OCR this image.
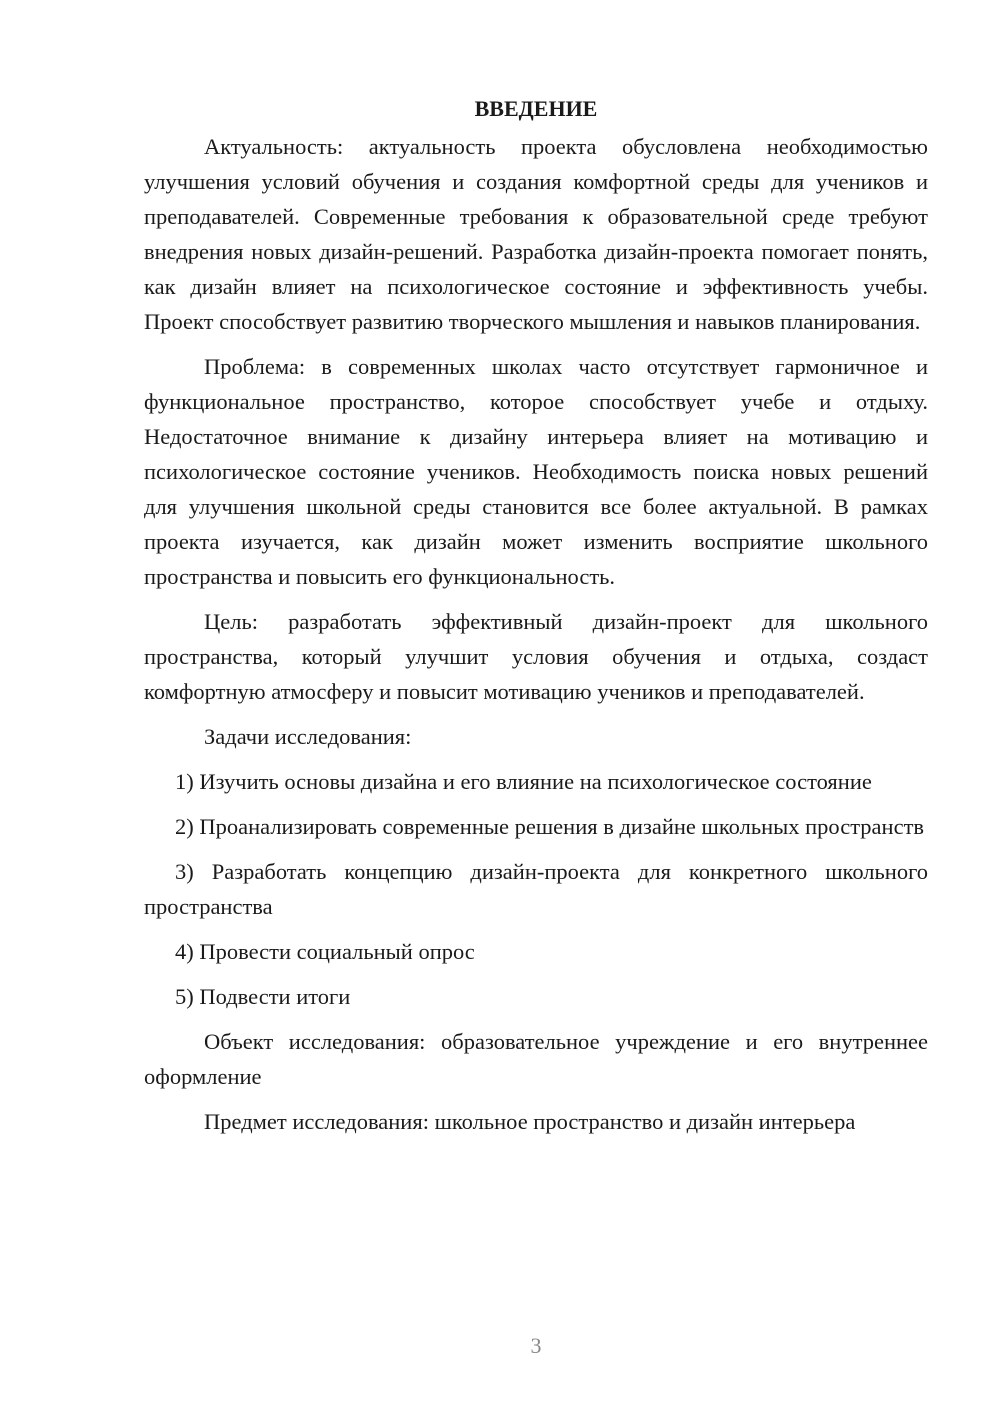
ВВЕДЕНИЕ

Актуальность: актуальность проекта обусловлена необходимостью улучшения условий обучения и создания комфортной среды для учеников и преподавателей. Современные требования к образовательной среде требуют внедрения новых дизайн-решений. Разработка дизайн-проекта помогает понять, как дизайн влияет на психологическое состояние и эффективность учебы. Проект способствует развитию творческого мышления и навыков планирования.

Проблема: в современных школах часто отсутствует гармоничное и функциональное пространство, которое способствует учебе и отдыху. Недостаточное внимание к дизайну интерьера влияет на мотивацию и психологическое состояние учеников. Необходимость поиска новых решений для улучшения школьной среды становится все более актуальной. В рамках проекта изучается, как дизайн может изменить восприятие школьного пространства и повысить его функциональность.

Цель: разработать эффективный дизайн-проект для школьного пространства, который улучшит условия обучения и отдыха, создаст комфортную атмосферу и повысит мотивацию учеников и преподавателей.

Задачи исследования:

1) Изучить основы дизайна и его влияние на психологическое состояние

2) Проанализировать современные решения в дизайне школьных пространств

3) Разработать концепцию дизайн-проекта для конкретного школьного пространства

4) Провести социальный опрос

5) Подвести итоги

Объект исследования: образовательное учреждение и его внутреннее оформление

Предмет исследования: школьное пространство и дизайн интерьера

3
